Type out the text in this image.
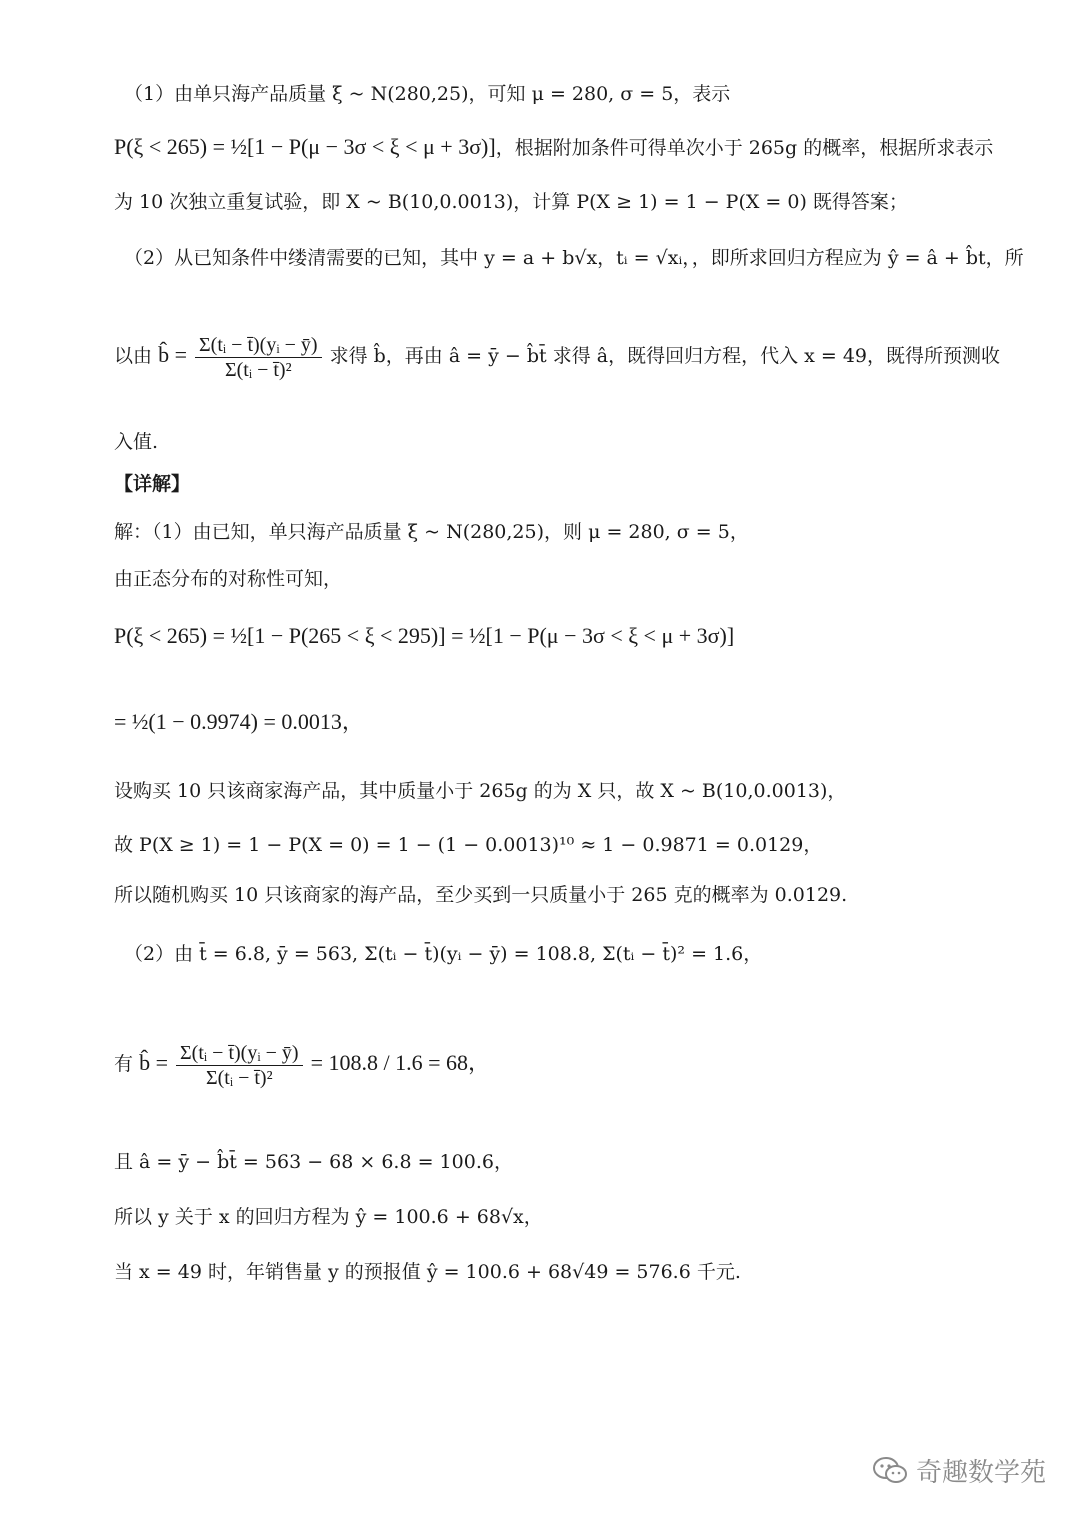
（1）由单只海产品质量 ξ ~ N(280,25)，可知 μ = 280, σ = 5，表示
P(ξ < 265) = ½[1 − P(μ − 3σ < ξ < μ + 3σ)]，根据附加条件可得单次小于 265g 的概率，根据所求表示
为 10 次独立重复试验，即 X ~ B(10,0.0013)，计算 P(X ≥ 1) = 1 − P(X = 0) 既得答案；
（2）从已知条件中缕清需要的已知，其中 y = a + b√x，tᵢ = √xᵢ，，即所求回归方程应为 ŷ = â + b̂t，所
以由 b̂ = $\frac{\text{Σ(tᵢ − t̄)(yᵢ − ȳ)}}{\text{Σ(tᵢ − t̄)²}}$ 求得 b̂，再由 â = ȳ − b̂t̄ 求得 â，既得回归方程，代入 x = 49，既得所预测收
入值.
【详解】
解：（1）由已知，单只海产品质量 ξ ~ N(280,25)，则 μ = 280, σ = 5，
由正态分布的对称性可知，
P(ξ < 265) = ½[1 − P(265 < ξ < 295)] = ½[1 − P(μ − 3σ < ξ < μ + 3σ)]
= ½(1 − 0.9974) = 0.0013，
设购买 10 只该商家海产品，其中质量小于 265g 的为 X 只，故 X ~ B(10,0.0013)，
故 P(X ≥ 1) = 1 − P(X = 0) = 1 − (1 − 0.0013)¹⁰ ≈ 1 − 0.9871 = 0.0129，
所以随机购买 10 只该商家的海产品，至少买到一只质量小于 265 克的概率为 0.0129.
（2）由 t̄ = 6.8, ȳ = 563, Σ(tᵢ − t̄)(yᵢ − ȳ) = 108.8, Σ(tᵢ − t̄)² = 1.6，
有 b̂ = $\frac{\text{Σ(tᵢ − t̄)(yᵢ − ȳ)}}{\text{Σ(tᵢ − t̄)²}} = 108.8 / 1.6 = 68$，
且 â = ȳ − b̂t̄ = 563 − 68 × 6.8 = 100.6，
所以 y 关于 x 的回归方程为 ŷ = 100.6 + 68√x，
当 x = 49 时，年销售量 y 的预报值 ŷ = 100.6 + 68√49 = 576.6 千元.
奇趣数学苑
